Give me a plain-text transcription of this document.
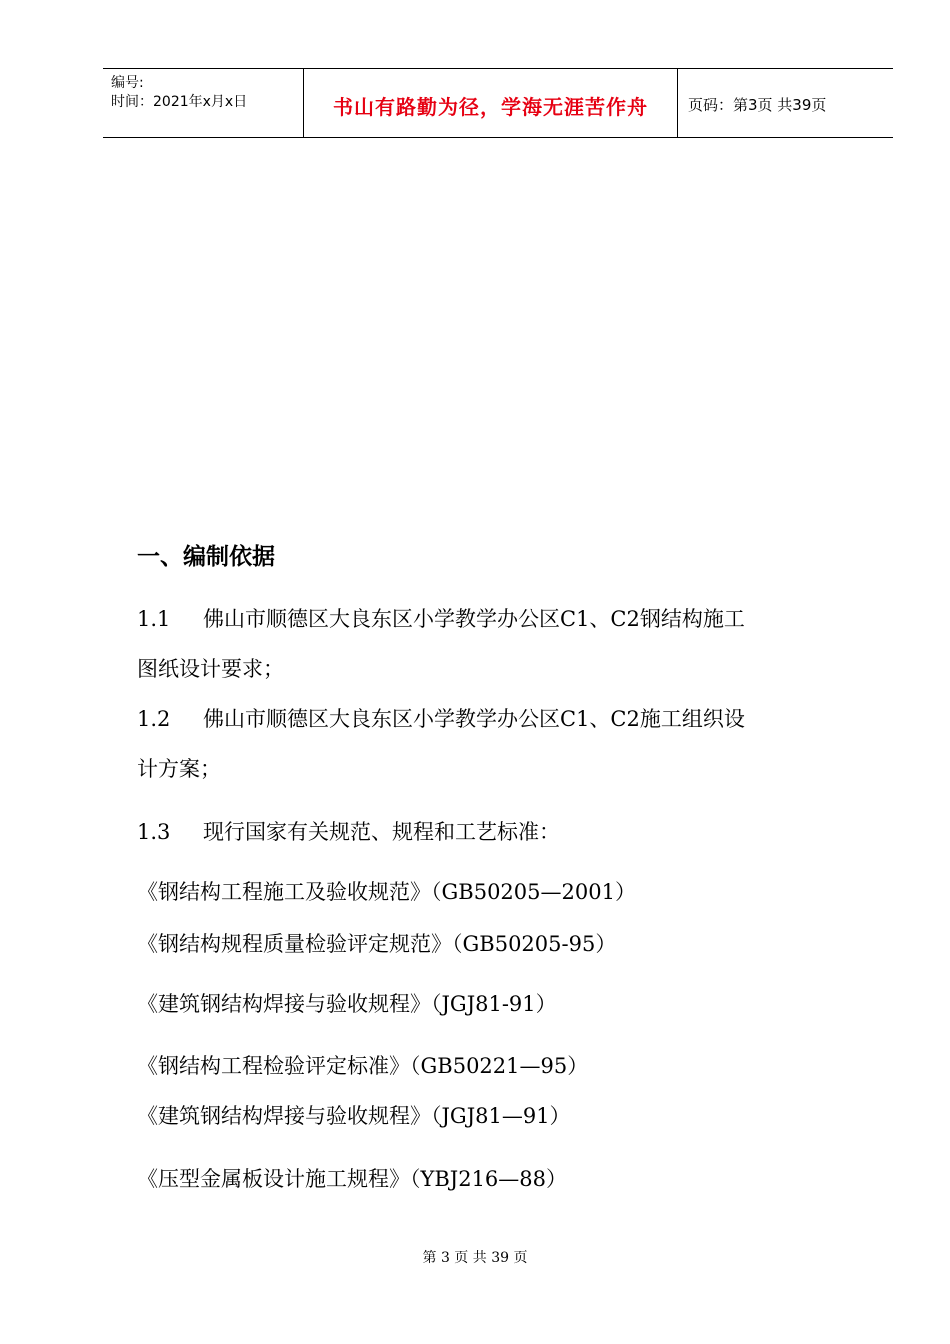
编号:
时间：2021年x月x日	书山有路勤为径，学海无涯苦作舟	页码：第3页 共39页
一、编制依据
1.1 佛山市顺德区大良东区小学教学办公区C1、C2钢结构施工
图纸设计要求；
1.2 佛山市顺德区大良东区小学教学办公区C1、C2施工组织设
计方案；
1.3 现行国家有关规范、规程和工艺标准：
《钢结构工程施工及验收规范》（GB50205—2001）
《钢结构规程质量检验评定规范》（GB50205-95）
《建筑钢结构焊接与验收规程》（JGJ81-91）
《钢结构工程检验评定标准》（GB50221—95）
《建筑钢结构焊接与验收规程》（JGJ81—91）
《压型金属板设计施工规程》（YBJ216—88）
第 3 页 共 39 页
